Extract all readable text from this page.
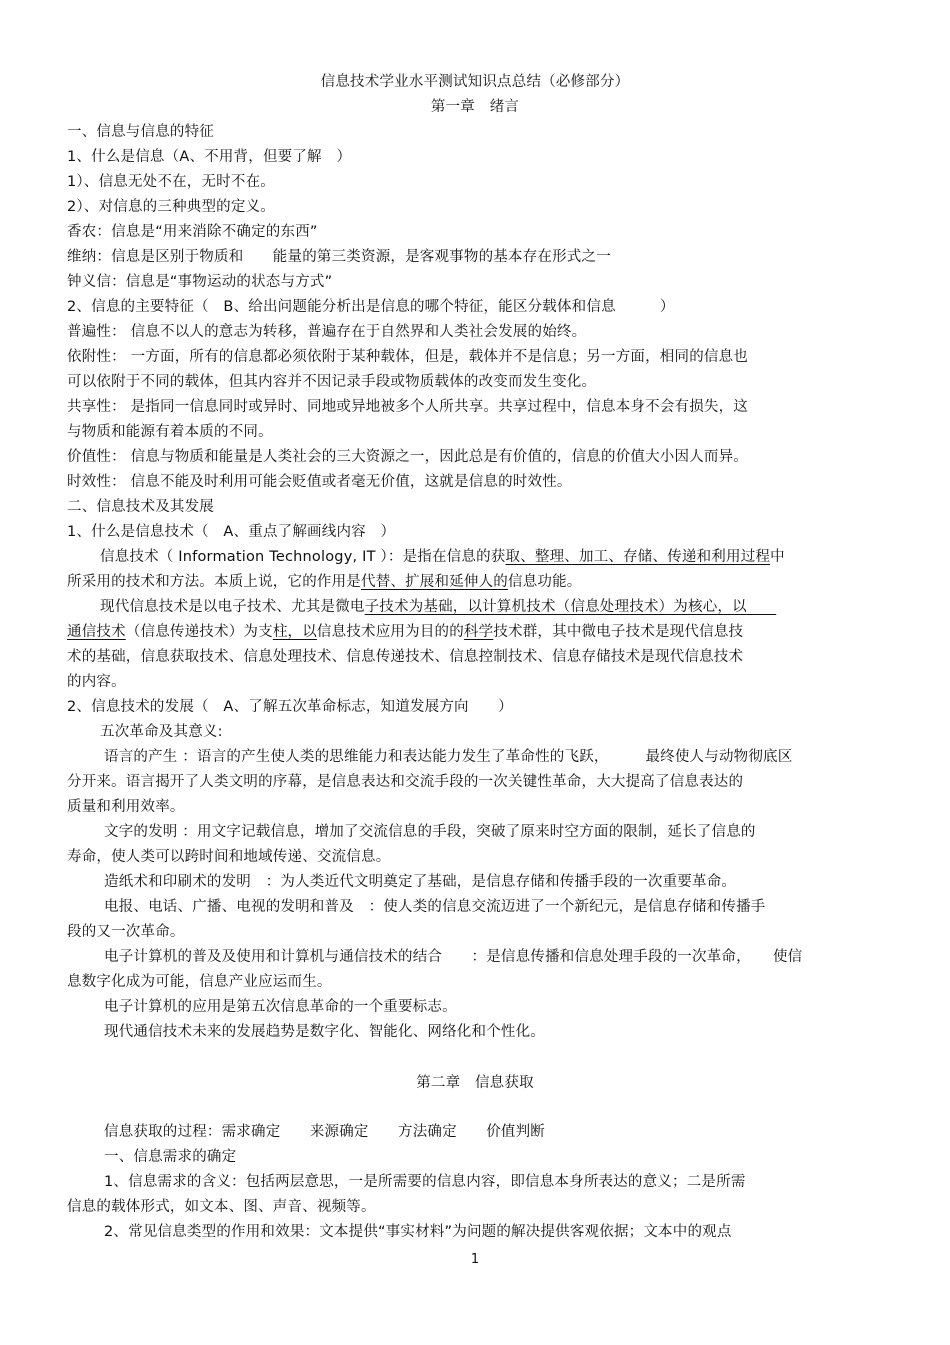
信息技术学业水平测试知识点总结（必修部分）
第一章　绪言
一、信息与信息的特征
1、什么是信息（A、不用背，但要了解　）
1）、信息无处不在，无时不在。
2）、对信息的三种典型的定义。
香农：信息是“用来消除不确定的东西”
维纳：信息是区别于物质和　　能量的第三类资源，是客观事物的基本存在形式之一
钟义信：信息是“事物运动的状态与方式”
2、信息的主要特征（　B、给出问题能分析出是信息的哪个特征，能区分载体和信息　　　）
普遍性： 信息不以人的意志为转移，普遍存在于自然界和人类社会发展的始终。
依附性： 一方面，所有的信息都必须依附于某种载体，但是，载体并不是信息；另一方面，相同的信息也
可以依附于不同的载体，但其内容并不因记录手段或物质载体的改变而发生变化。
共享性： 是指同一信息同时或异时、同地或异地被多个人所共享。共享过程中，信息本身不会有损失，这
与物质和能源有着本质的不同。
价值性： 信息与物质和能量是人类社会的三大资源之一，因此总是有价值的，信息的价值大小因人而异。
时效性： 信息不能及时利用可能会贬值或者毫无价值，这就是信息的时效性。
二、信息技术及其发展
1、什么是信息技术（　A、重点了解画线内容　）
信息技术（ Information Technology, IT ）：是指在信息的获取、整理、加工、存储、传递和利用过程中
所采用的技术和方法。本质上说，它的作用是代替、扩展和延伸人的信息功能。
现代信息技术是以电子技术、尤其是微电子技术为基础，以计算机技术（信息处理技术）为核心，以  
通信技术（信息传递技术）为支柱，以信息技术应用为目的的科学技术群，其中微电子技术是现代信息技
术的基础，信息获取技术、信息处理技术、信息传递技术、信息控制技术、信息存储技术是现代信息技术
的内容。
2、信息技术的发展（　A、了解五次革命标志，知道发展方向　　）
五次革命及其意义:
语言的产生 ：语言的产生使人类的思维能力和表达能力发生了革命性的飞跃，　　　最终使人与动物彻底区
分开来。语言揭开了人类文明的序幕，是信息表达和交流手段的一次关键性革命，大大提高了信息表达的
质量和利用效率。
文字的发明 ：用文字记载信息，增加了交流信息的手段，突破了原来时空方面的限制，延长了信息的
寿命，使人类可以跨时间和地域传递、交流信息。
造纸术和印刷术的发明　：为人类近代文明奠定了基础，是信息存储和传播手段的一次重要革命。
电报、电话、广播、电视的发明和普及　：使人类的信息交流迈进了一个新纪元，是信息存储和传播手
段的又一次革命。
电子计算机的普及及使用和计算机与通信技术的结合　　：是信息传播和信息处理手段的一次革命，　　使信
息数字化成为可能，信息产业应运而生。
电子计算机的应用是第五次信息革命的一个重要标志。
现代通信技术未来的发展趋势是数字化、智能化、网络化和个性化。
第二章　信息获取
信息获取的过程：需求确定　　来源确定　　方法确定　　价值判断
一、信息需求的确定
1、信息需求的含义：包括两层意思，一是所需要的信息内容，即信息本身所表达的意义；二是所需
信息的载体形式，如文本、图、声音、视频等。
2、常见信息类型的作用和效果：文本提供“事实材料”为问题的解决提供客观依据；文本中的观点
1
